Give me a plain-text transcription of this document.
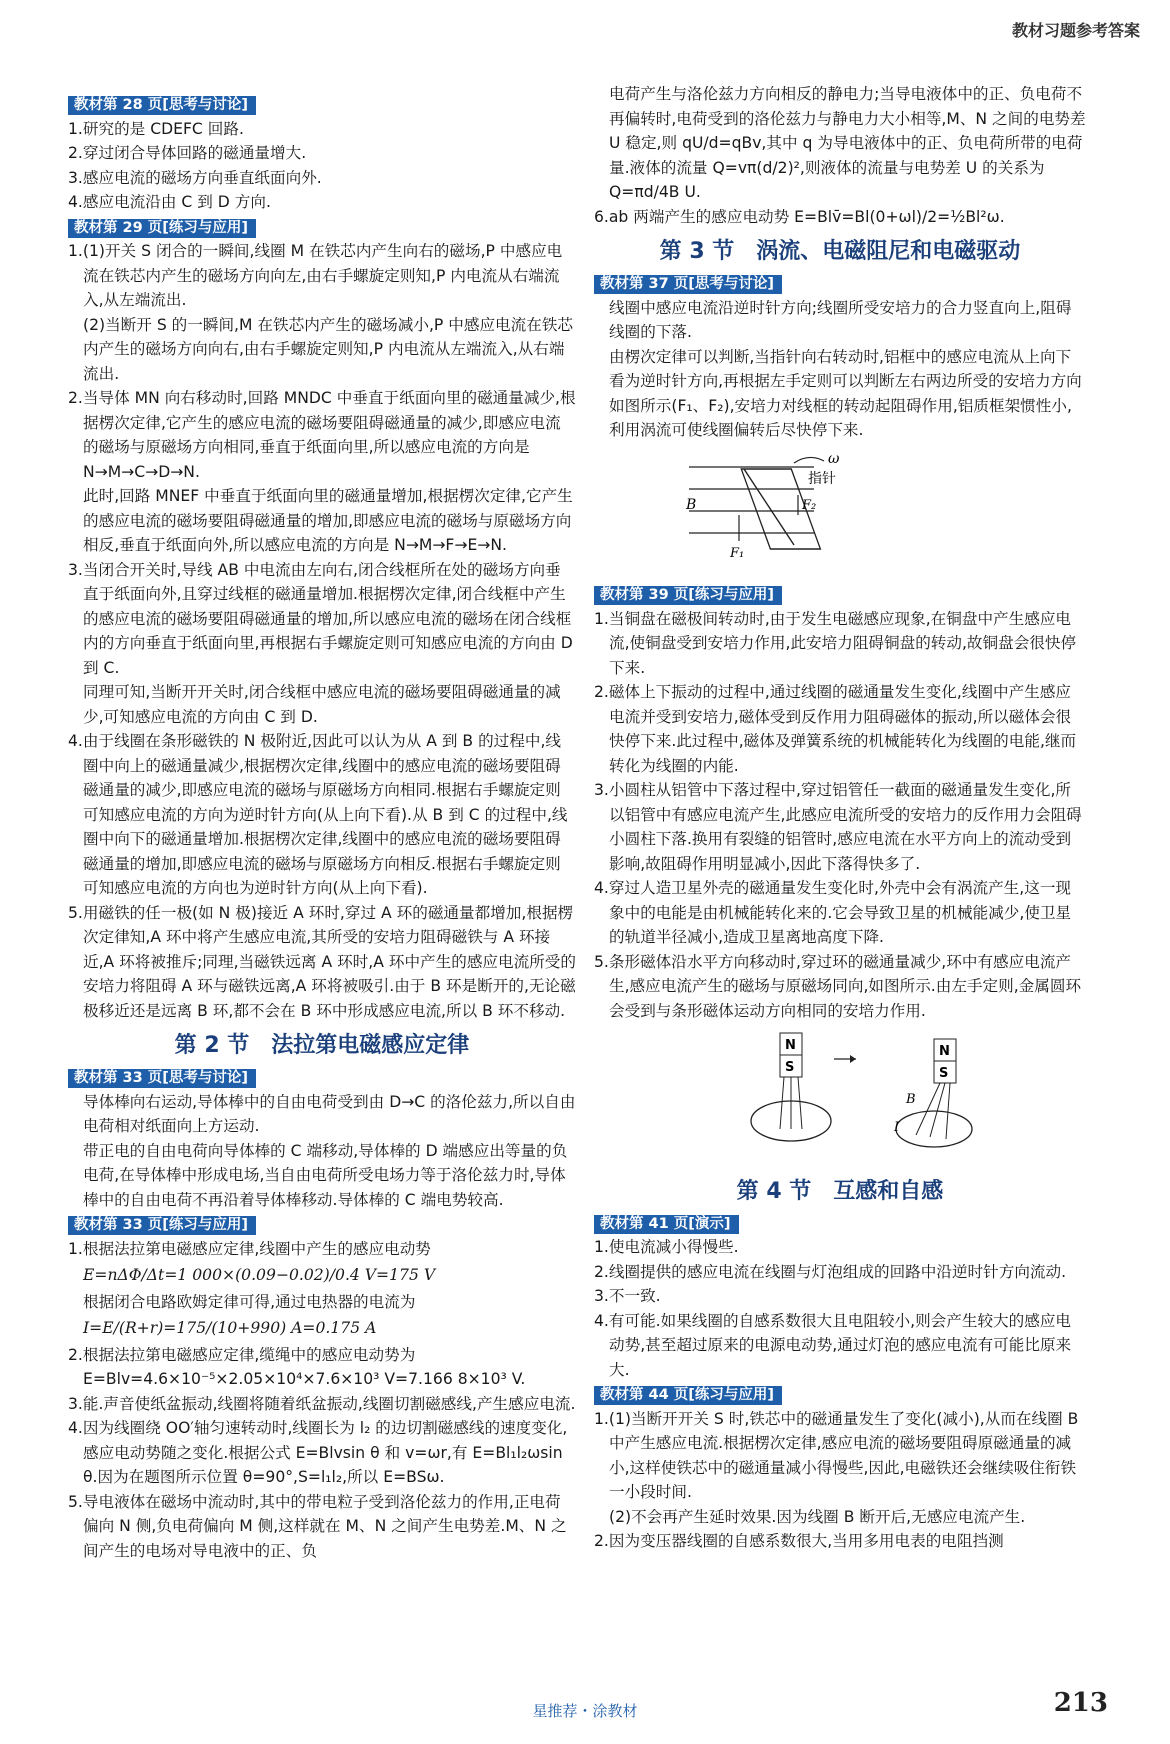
教材习题参考答案
教材第 28 页[思考与讨论]

1.研究的是 CDEFC 回路.

2.穿过闭合导体回路的磁通量增大.

3.感应电流的磁场方向垂直纸面向外.

4.感应电流沿由 C 到 D 方向.

教材第 29 页[练习与应用]

1.(1)开关 S 闭合的一瞬间,线圈 M 在铁芯内产生向右的磁场,P 中感应电流在铁芯内产生的磁场方向向左,由右手螺旋定则知,P 内电流从右端流入,从左端流出.

(2)当断开 S 的一瞬间,M 在铁芯内产生的磁场减小,P 中感应电流在铁芯内产生的磁场方向向右,由右手螺旋定则知,P 内电流从左端流入,从右端流出.

2.当导体 MN 向右移动时,回路 MNDC 中垂直于纸面向里的磁通量减少,根据楞次定律,它产生的感应电流的磁场要阻碍磁通量的减少,即感应电流的磁场与原磁场方向相同,垂直于纸面向里,所以感应电流的方向是 N→M→C→D→N.

此时,回路 MNEF 中垂直于纸面向里的磁通量增加,根据楞次定律,它产生的感应电流的磁场要阻碍磁通量的增加,即感应电流的磁场与原磁场方向相反,垂直于纸面向外,所以感应电流的方向是 N→M→F→E→N.

3.当闭合开关时,导线 AB 中电流由左向右,闭合线框所在处的磁场方向垂直于纸面向外,且穿过线框的磁通量增加.根据楞次定律,闭合线框中产生的感应电流的磁场要阻碍磁通量的增加,所以感应电流的磁场在闭合线框内的方向垂直于纸面向里,再根据右手螺旋定则可知感应电流的方向由 D 到 C.

同理可知,当断开开关时,闭合线框中感应电流的磁场要阻碍磁通量的减少,可知感应电流的方向由 C 到 D.

4.由于线圈在条形磁铁的 N 极附近,因此可以认为从 A 到 B 的过程中,线圈中向上的磁通量减少,根据楞次定律,线圈中的感应电流的磁场要阻碍磁通量的减少,即感应电流的磁场与原磁场方向相同.根据右手螺旋定则可知感应电流的方向为逆时针方向(从上向下看).从 B 到 C 的过程中,线圈中向下的磁通量增加.根据楞次定律,线圈中的感应电流的磁场要阻碍磁通量的增加,即感应电流的磁场与原磁场方向相反.根据右手螺旋定则可知感应电流的方向也为逆时针方向(从上向下看).

5.用磁铁的任一极(如 N 极)接近 A 环时,穿过 A 环的磁通量都增加,根据楞次定律知,A 环中将产生感应电流,其所受的安培力阻碍磁铁与 A 环接近,A 环将被推斥;同理,当磁铁远离 A 环时,A 环中产生的感应电流所受的安培力将阻碍 A 环与磁铁远离,A 环将被吸引.由于 B 环是断开的,无论磁极移近还是远离 B 环,都不会在 B 环中形成感应电流,所以 B 环不移动.

第 2 节　法拉第电磁感应定律
教材第 33 页[思考与讨论]

导体棒向右运动,导体棒中的自由电荷受到由 D→C 的洛伦兹力,所以自由电荷相对纸面向上方运动.

带正电的自由电荷向导体棒的 C 端移动,导体棒的 D 端感应出等量的负电荷,在导体棒中形成电场,当自由电荷所受电场力等于洛伦兹力时,导体棒中的自由电荷不再沿着导体棒移动.导体棒的 C 端电势较高.

教材第 33 页[练习与应用]

1.根据法拉第电磁感应定律,线圈中产生的感应电动势

E=nΔΦ/Δt=1 000×(0.09−0.02)/0.4 V=175 V

根据闭合电路欧姆定律可得,通过电热器的电流为

I=E/(R+r)=175/(10+990) A=0.175 A

2.根据法拉第电磁感应定律,缆绳中的感应电动势为 E=Blv=4.6×10⁻⁵×2.05×10⁴×7.6×10³ V=7.166 8×10³ V.

3.能.声音使纸盆振动,线圈将随着纸盆振动,线圈切割磁感线,产生感应电流.

4.因为线圈绕 OO′轴匀速转动时,线圈长为 l₂ 的边切割磁感线的速度变化,感应电动势随之变化.根据公式 E=Blvsin θ 和 v=ωr,有 E=Bl₁l₂ωsin θ.因为在题图所示位置 θ=90°,S=l₁l₂,所以 E=BSω.

5.导电液体在磁场中流动时,其中的带电粒子受到洛伦兹力的作用,正电荷偏向 N 侧,负电荷偏向 M 侧,这样就在 M、N 之间产生电势差.M、N 之间产生的电场对导电液中的正、负

电荷产生与洛伦兹力方向相反的静电力;当导电液体中的正、负电荷不再偏转时,电荷受到的洛伦兹力与静电力大小相等,M、N 之间的电势差 U 稳定,则 qU/d=qBv,其中 q 为导电液体中的正、负电荷所带的电荷量.液体的流量 Q=vπ(d/2)²,则液体的流量与电势差 U 的关系为 Q=πd/4B U.

6.ab 两端产生的感应电动势 E=Blv̄=Bl(0+ωl)/2=½Bl²ω.

第 3 节　涡流、电磁阻尼和电磁驱动
教材第 37 页[思考与讨论]

线圈中感应电流沿逆时针方向;线圈所受安培力的合力竖直向上,阻碍线圈的下落.

由楞次定律可以判断,当指针向右转动时,铝框中的感应电流从上向下看为逆时针方向,再根据左手定则可以判断左右两边所受的安培力方向如图所示(F₁、F₂),安培力对线框的转动起阻碍作用,铝质框架惯性小,利用涡流可使线圈偏转后尽快停下来.

ω
指针
B
F₁
F₂
教材第 39 页[练习与应用]

1.当铜盘在磁极间转动时,由于发生电磁感应现象,在铜盘中产生感应电流,使铜盘受到安培力作用,此安培力阻碍铜盘的转动,故铜盘会很快停下来.

2.磁体上下振动的过程中,通过线圈的磁通量发生变化,线圈中产生感应电流并受到安培力,磁体受到反作用力阻碍磁体的振动,所以磁体会很快停下来.此过程中,磁体及弹簧系统的机械能转化为线圈的电能,继而转化为线圈的内能.

3.小圆柱从铝管中下落过程中,穿过铝管任一截面的磁通量发生变化,所以铝管中有感应电流产生,此感应电流所受的安培力的反作用力会阻碍小圆柱下落.换用有裂缝的铝管时,感应电流在水平方向上的流动受到影响,故阻碍作用明显减小,因此下落得快多了.

4.穿过人造卫星外壳的磁通量发生变化时,外壳中会有涡流产生,这一现象中的电能是由机械能转化来的.它会导致卫星的机械能减少,使卫星的轨道半径减小,造成卫星离地高度下降.

5.条形磁体沿水平方向移动时,穿过环的磁通量减少,环中有感应电流产生,感应电流产生的磁场与原磁场同向,如图所示.由左手定则,金属圆环会受到与条形磁体运动方向相同的安培力作用.

N
S
N
S
B
I
第 4 节　互感和自感
教材第 41 页[演示]

1.使电流减小得慢些.

2.线圈提供的感应电流在线圈与灯泡组成的回路中沿逆时针方向流动.

3.不一致.

4.有可能.如果线圈的自感系数很大且电阻较小,则会产生较大的感应电动势,甚至超过原来的电源电动势,通过灯泡的感应电流有可能比原来大.

教材第 44 页[练习与应用]

1.(1)当断开开关 S 时,铁芯中的磁通量发生了变化(减小),从而在线圈 B 中产生感应电流.根据楞次定律,感应电流的磁场要阻碍原磁通量的减小,这样使铁芯中的磁通量减小得慢些,因此,电磁铁还会继续吸住衔铁一小段时间.

(2)不会再产生延时效果.因为线圈 B 断开后,无感应电流产生.

2.因为变压器线圈的自感系数很大,当用多用电表的电阻挡测

星推荐・涂教材	213
